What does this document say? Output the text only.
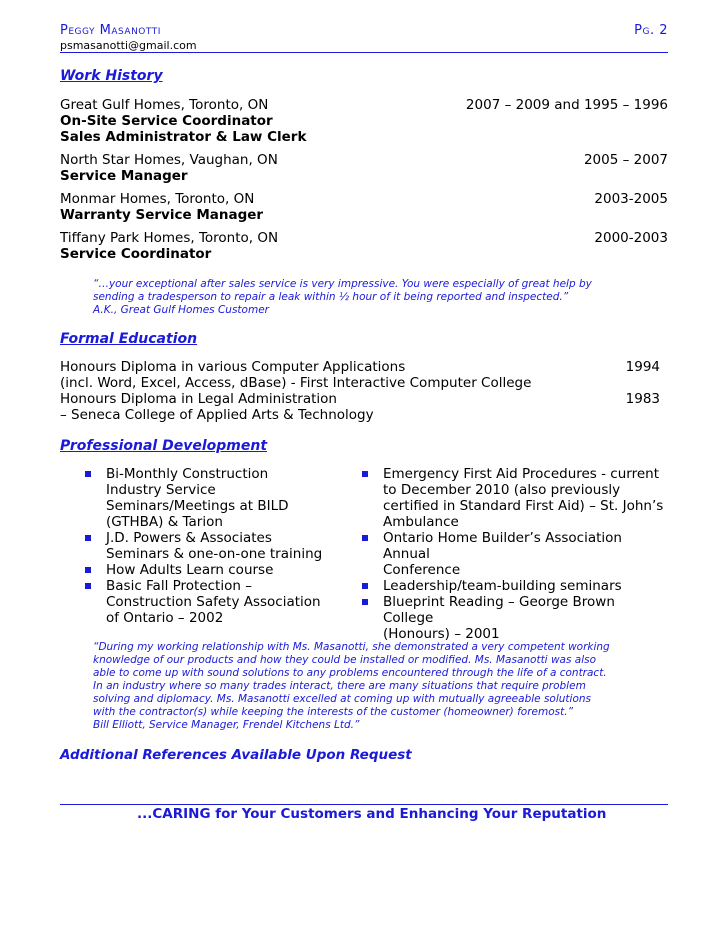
Peggy Masanotti	Pg. 2
psmasanotti@gmail.com
Work History
Great Gulf Homes, Toronto, ON	2007 – 2009 and 1995 – 1996
On-Site Service Coordinator
Sales Administrator & Law Clerk
North Star Homes, Vaughan, ON	2005 – 2007
Service Manager
Monmar Homes, Toronto, ON	2003-2005
Warranty Service Manager
Tiffany Park Homes, Toronto, ON	2000-2003
Service Coordinator
“…your exceptional after sales service is very impressive. You were especially of great help by
sending a tradesperson to repair a leak within ½ hour of it being reported and inspected.”
A.K., Great Gulf Homes Customer
Formal Education
Honours Diploma in various Computer Applications	1994
(incl. Word, Excel, Access, dBase) - First Interactive Computer College
Honours Diploma in Legal Administration	1983
– Seneca College of Applied Arts & Technology
Professional Development
Bi-Monthly Construction
Industry Service
Seminars/Meetings at BILD
(GTHBA) & Tarion
J.D. Powers & Associates
Seminars & one-on-one training
How Adults Learn course
Basic Fall Protection –
Construction Safety Association
of Ontario – 2002
Emergency First Aid Procedures - current
to December 2010 (also previously
certified in Standard First Aid) – St. John’s
Ambulance
Ontario Home Builder’s Association Annual
Conference
Leadership/team-building seminars
Blueprint Reading – George Brown College
(Honours) – 2001
“During my working relationship with Ms. Masanotti, she demonstrated a very competent working
knowledge of our products and how they could be installed or modified. Ms. Masanotti was also
able to come up with sound solutions to any problems encountered through the life of a contract.
In an industry where so many trades interact, there are many situations that require problem
solving and diplomacy. Ms. Masanotti excelled at coming up with mutually agreeable solutions
with the contractor(s) while keeping the interests of the customer (homeowner) foremost.”
Bill Elliott, Service Manager, Frendel Kitchens Ltd.”
Additional References Available Upon Request
...CARING for Your Customers and Enhancing Your Reputation
